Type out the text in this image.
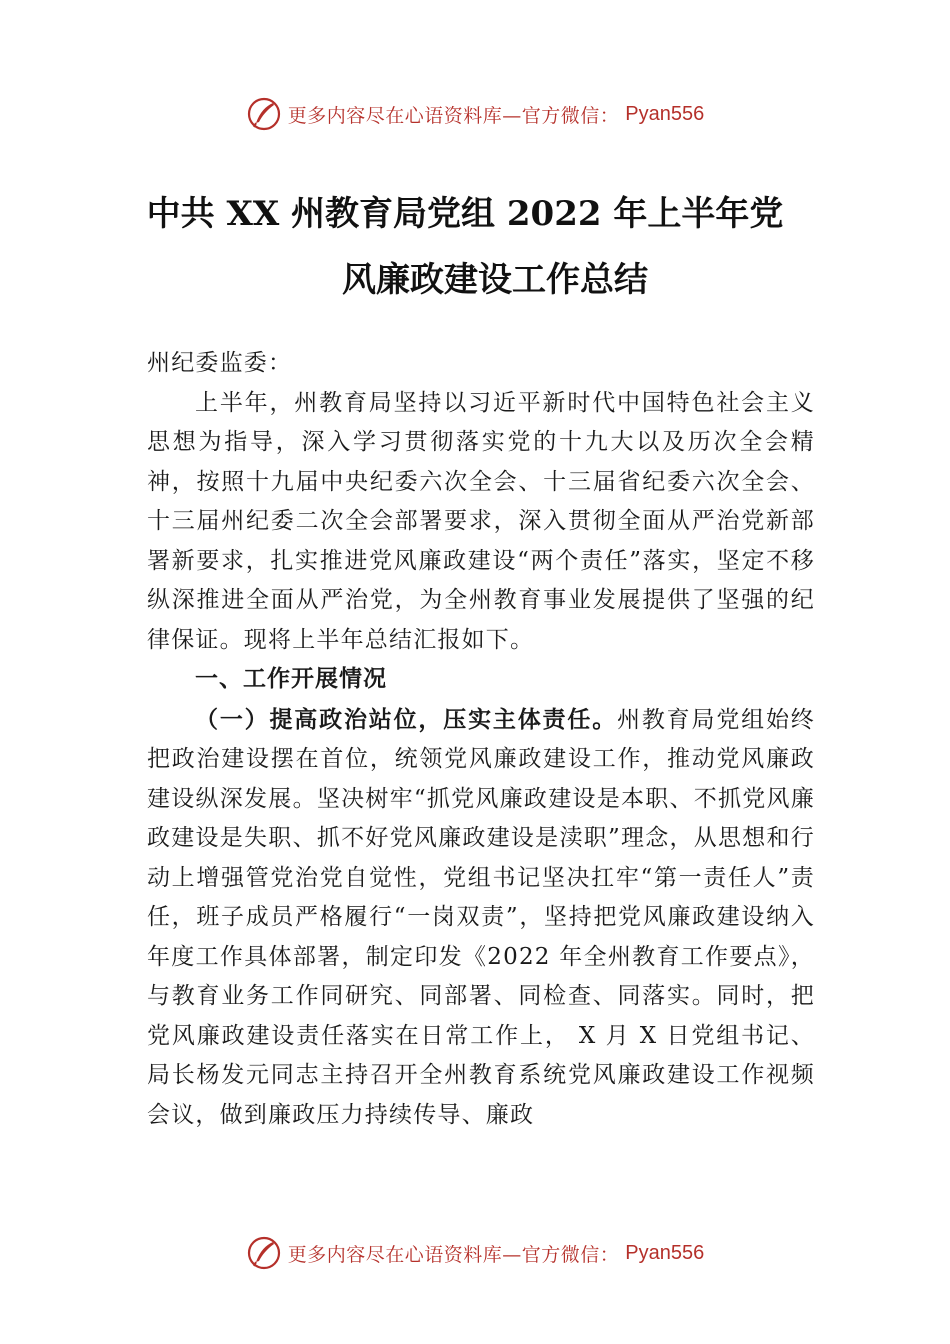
更多内容尽在心语资料库—官方微信： Pyan556
中共 XX 州教育局党组 2022 年上半年党
风廉政建设工作总结

州纪委监委：

上半年，州教育局坚持以习近平新时代中国特色社会主义思想为指导，深入学习贯彻落实党的十九大以及历次全会精神，按照十九届中央纪委六次全会、十三届省纪委六次全会、十三届州纪委二次全会部署要求，深入贯彻全面从严治党新部署新要求，扎实推进党风廉政建设“两个责任”落实，坚定不移纵深推进全面从严治党，为全州教育事业发展提供了坚强的纪律保证。现将上半年总结汇报如下。

一、工作开展情况

（一）提高政治站位，压实主体责任。州教育局党组始终把政治建设摆在首位，统领党风廉政建设工作，推动党风廉政建设纵深发展。坚决树牢“抓党风廉政建设是本职、不抓党风廉政建设是失职、抓不好党风廉政建设是渎职”理念，从思想和行动上增强管党治党自觉性，党组书记坚决扛牢“第一责任人”责任，班子成员严格履行“一岗双责”，坚持把党风廉政建设纳入年度工作具体部署，制定印发《2022 年全州教育工作要点》，与教育业务工作同研究、同部署、同检查、同落实。同时，把党风廉政建设责任落实在日常工作上， X 月 X 日党组书记、局长杨发元同志主持召开全州教育系统党风廉政建设工作视频会议，做到廉政压力持续传导、廉政

更多内容尽在心语资料库—官方微信： Pyan556
